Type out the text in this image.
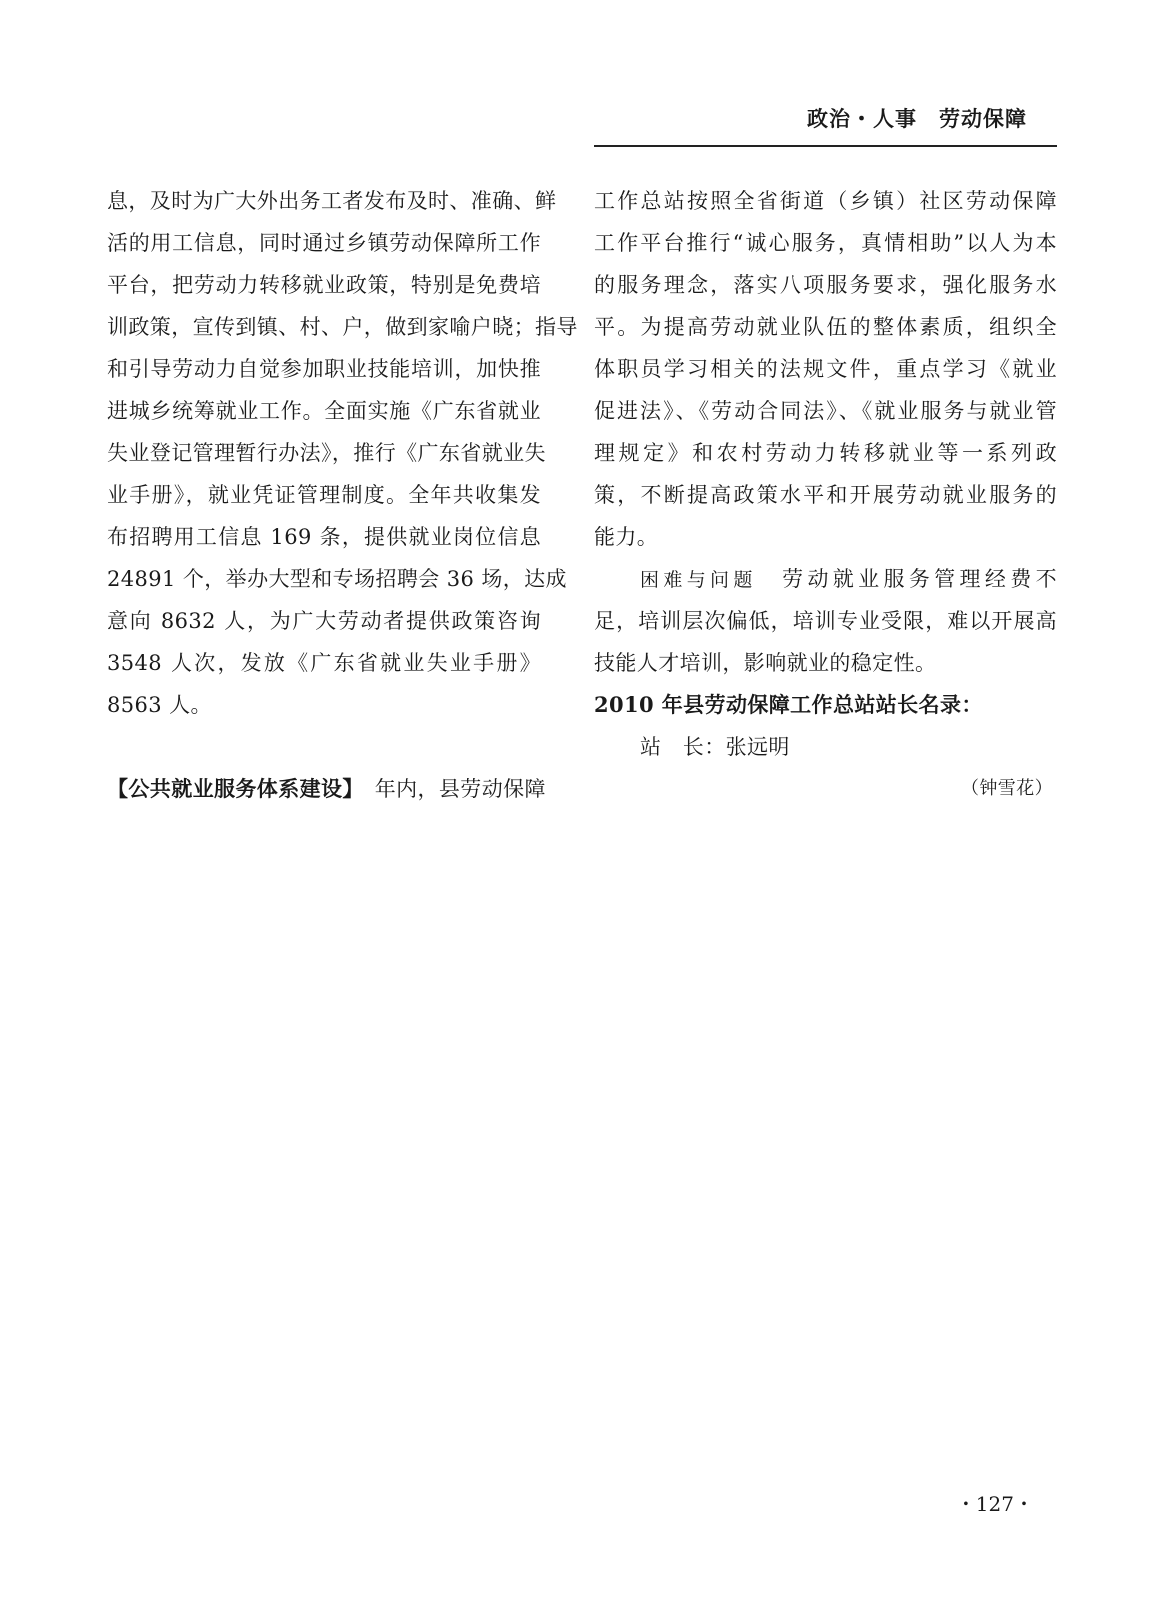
政治・人事　劳动保障
息，及时为广大外出务工者发布及时、准确、鲜
活的用工信息，同时通过乡镇劳动保障所工作
平台，把劳动力转移就业政策，特别是免费培
训政策，宣传到镇、村、户，做到家喻户晓；指导
和引导劳动力自觉参加职业技能培训，加快推
进城乡统筹就业工作。全面实施《广东省就业
失业登记管理暂行办法》，推行《广东省就业失
业手册》，就业凭证管理制度。全年共收集发
布招聘用工信息 169 条，提供就业岗位信息
24891 个，举办大型和专场招聘会 36 场，达成
意向 8632 人，为广大劳动者提供政策咨询
3548 人次，发放《广东省就业失业手册》
8563 人。
【公共就业服务体系建设】　年内，县劳动保障
工作总站按照全省街道（乡镇）社区劳动保障
工作平台推行“诚心服务，真情相助”以人为本
的服务理念，落实八项服务要求，强化服务水
平。为提高劳动就业队伍的整体素质，组织全
体职员学习相关的法规文件，重点学习《就业
促进法》、《劳动合同法》、《就业服务与就业管
理规定》和农村劳动力转移就业等一系列政
策，不断提高政策水平和开展劳动就业服务的
能力。
困难与问题　劳动就业服务管理经费不
足，培训层次偏低，培训专业受限，难以开展高
技能人才培训，影响就业的稳定性。
2010 年县劳动保障工作总站站长名录：
站　长：张远明
（钟雪花）
・127・
